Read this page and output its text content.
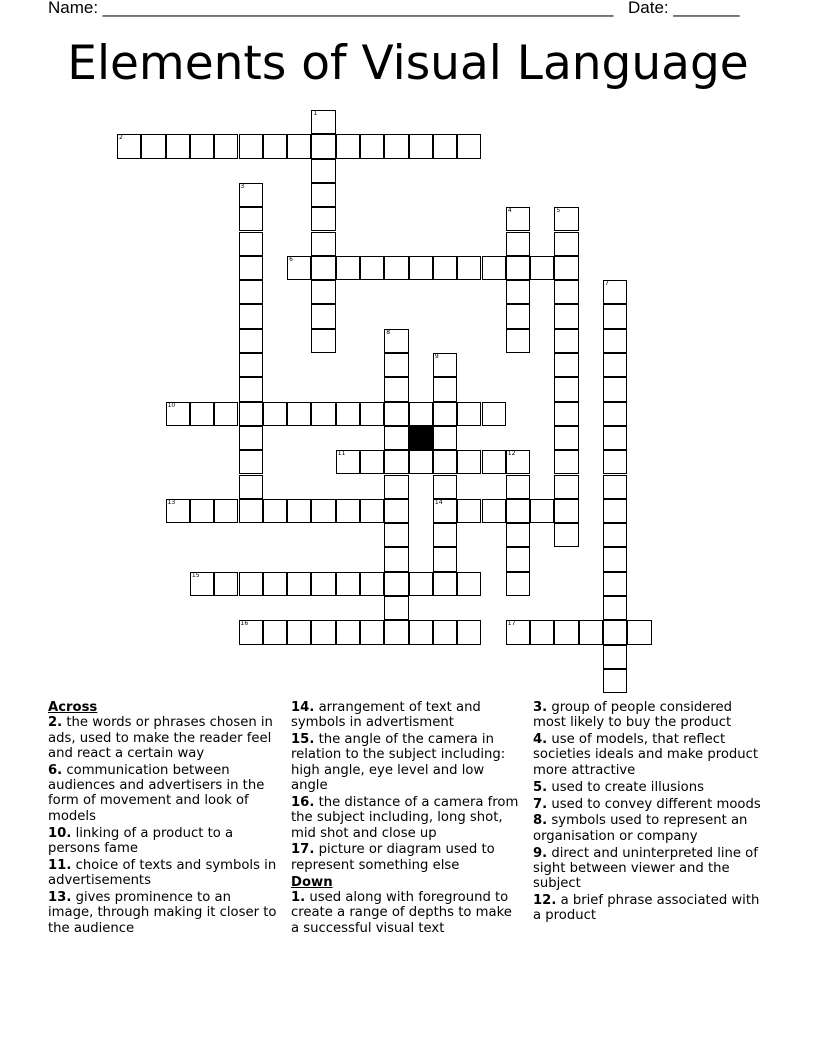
Name: ______________________________________________________ Date: _______
Elements of Visual Language
1
2
3
4	5
6
7
8
9
14
10
11	12
13
15
16	17
Across
2. the words or phrases chosen in ads, used to make the reader feel and react a certain way
6. communication between audiences and advertisers in the form of movement and look of models
10. linking of a product to a persons fame
11. choice of texts and symbols in advertisements
13. gives prominence to an image, through making it closer to the audience
14. arrangement of text and symbols in advertisment
15. the angle of the camera in relation to the subject including: high angle, eye level and low angle
16. the distance of a camera from the subject including, long shot, mid shot and close up
17. picture or diagram used to represent something else
Down
1. used along with foreground to create a range of depths to make a successful visual text
3. group of people considered most likely to buy the product
4. use of models, that reflect societies ideals and make product more attractive
5. used to create illusions
7. used to convey different moods
8. symbols used to represent an organisation or company
9. direct and uninterpreted line of sight between viewer and the subject
12. a brief phrase associated with a product
